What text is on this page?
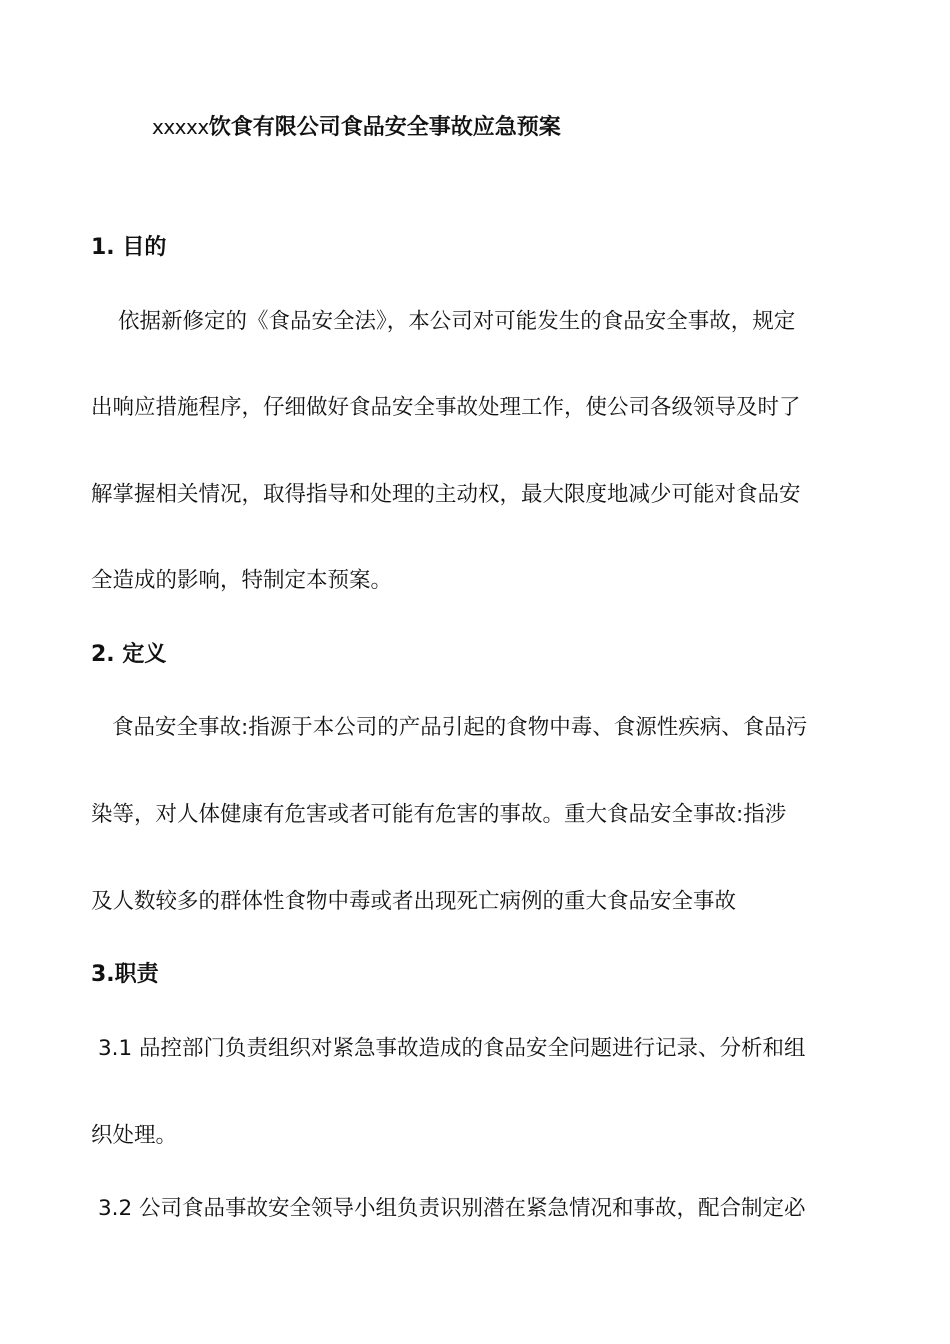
xxxxx饮食有限公司食品安全事故应急预案
1. 目的
依据新修定的《食品安全法》，本公司对可能发生的食品安全事故，规定
出响应措施程序，仔细做好食品安全事故处理工作，使公司各级领导及时了
解掌握相关情况，取得指导和处理的主动权，最大限度地减少可能对食品安
全造成的影响，特制定本预案。
2. 定义
食品安全事故:指源于本公司的产品引起的食物中毒、食源性疾病、食品污
染等，对人体健康有危害或者可能有危害的事故。重大食品安全事故:指涉
及人数较多的群体性食物中毒或者出现死亡病例的重大食品安全事故
3.职责
3.1 品控部门负责组织对紧急事故造成的食品安全问题进行记录、分析和组
织处理。
3.2 公司食品事故安全领导小组负责识别潜在紧急情况和事故，配合制定必
